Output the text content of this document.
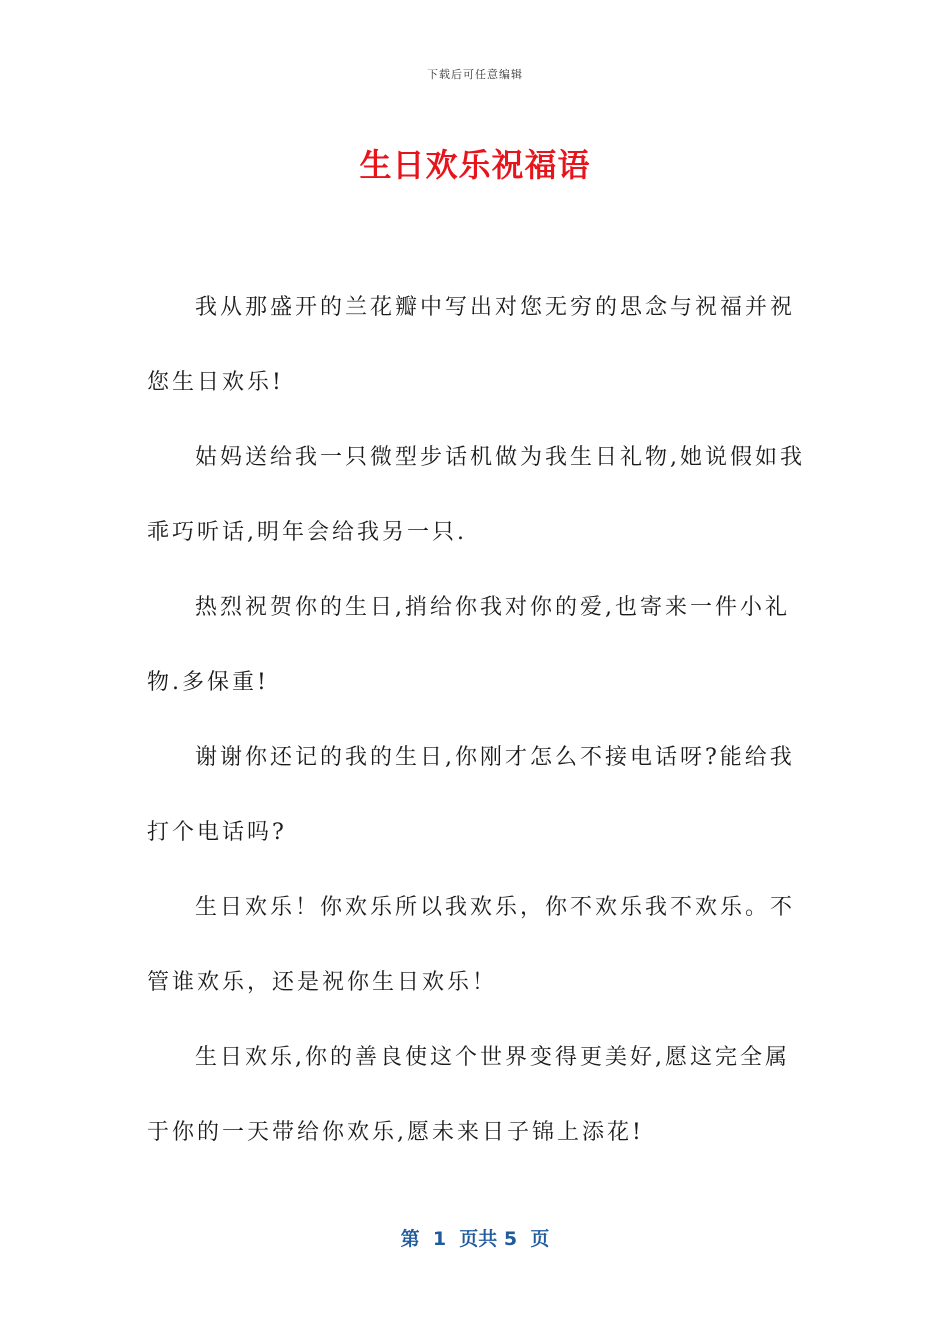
下载后可任意编辑
生日欢乐祝福语

我从那盛开的兰花瓣中写出对您无穷的思念与祝福并祝您生日欢乐!

姑妈送给我一只微型步话机做为我生日礼物,她说假如我乖巧听话,明年会给我另一只.

热烈祝贺你的生日,捎给你我对你的爱,也寄来一件小礼物.多保重!

谢谢你还记的我的生日,你刚才怎么不接电话呀?能给我打个电话吗?

生日欢乐！你欢乐所以我欢乐，你不欢乐我不欢乐。不管谁欢乐，还是祝你生日欢乐！

生日欢乐,你的善良使这个世界变得更美好,愿这完全属于你的一天带给你欢乐,愿未来日子锦上添花!

第  1  页共 5  页
